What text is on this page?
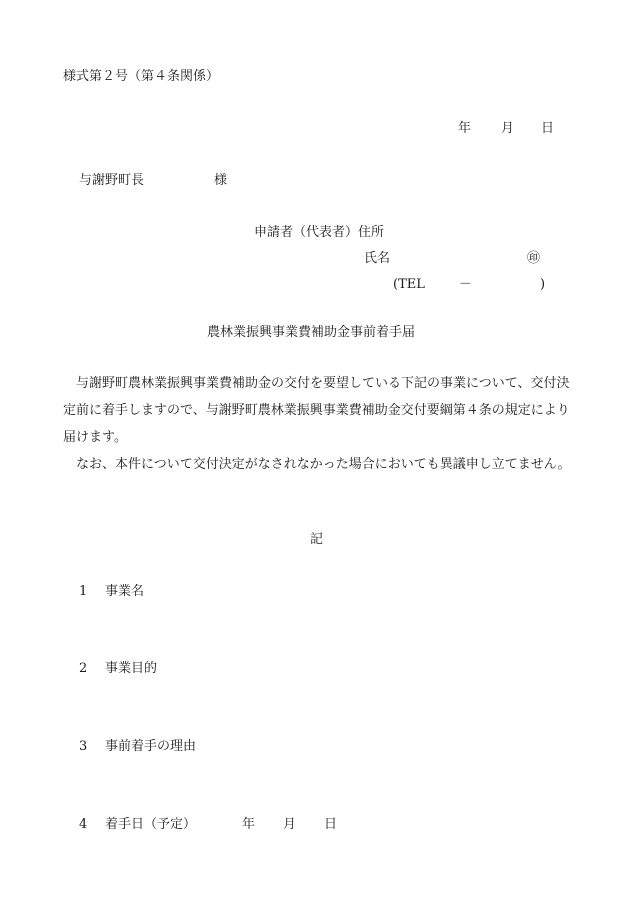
様式第２号（第４条関係）
年 月 日
与謝野町長	様
申請者（代表者）住所
氏名	㊞
(TEL	－	)
農林業振興事業費補助金事前着手届
与謝野町農林業振興事業費補助金の交付を要望している下記の事業について、交付決定前に着手しますので、与謝野町農林業振興事業費補助金交付要綱第４条の規定により届けます。
なお、本件について交付決定がなされなかった場合においても異議申し立てません。
記
1 事業名
2 事業目的
3 事前着手の理由
4 着手日（予定）	年 月 日
